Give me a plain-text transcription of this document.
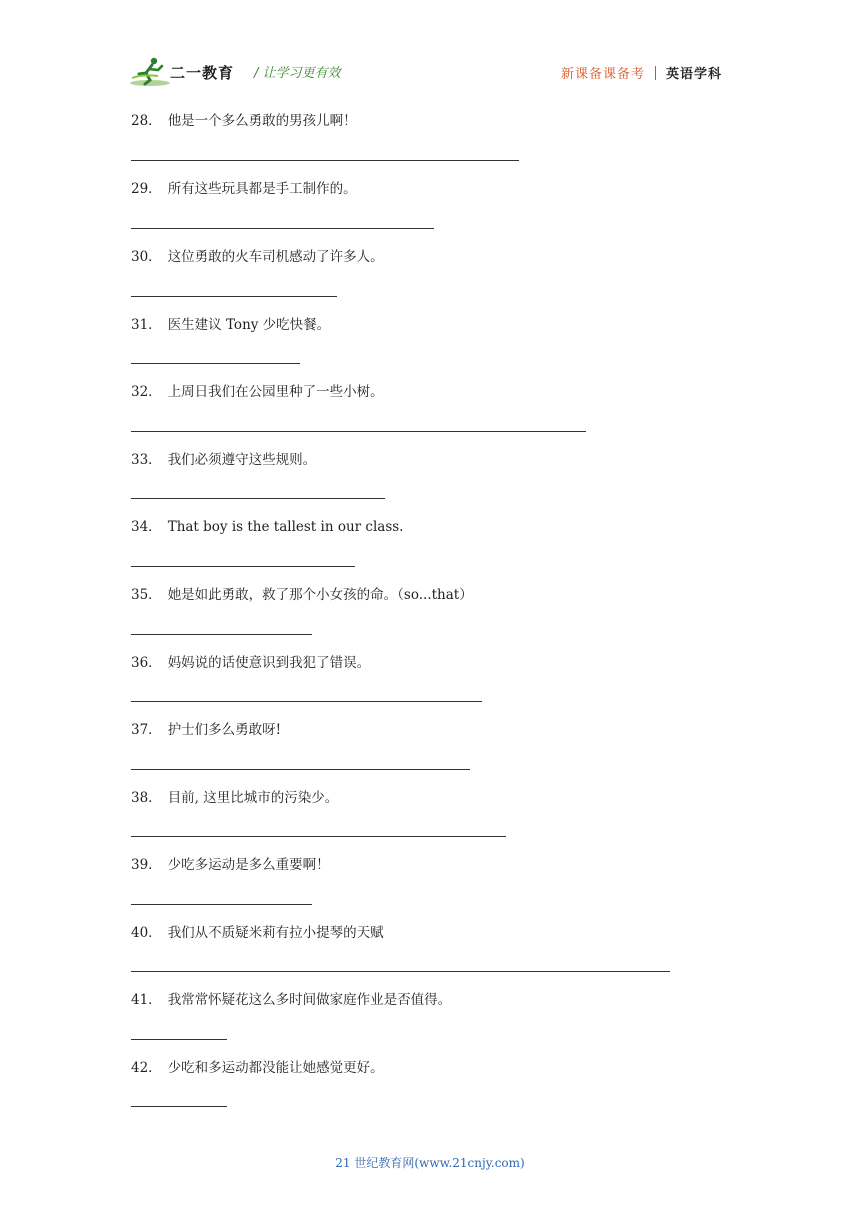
二一教育 / 让学习更有效	新课备课备考 英语学科
28． 他是一个多么勇敢的男孩儿啊！
29． 所有这些玩具都是手工制作的。
30． 这位勇敢的火车司机感动了许多人。
31． 医生建议 Tony 少吃快餐。
32． 上周日我们在公园里种了一些小树。
33． 我们必须遵守这些规则。
34． That boy is the tallest in our class.
35． 她是如此勇敢，救了那个小女孩的命。（so...that）
36． 妈妈说的话使意识到我犯了错误。
37． 护士们多么勇敢呀!
38． 目前, 这里比城市的污染少。
39． 少吃多运动是多么重要啊！
40． 我们从不质疑米莉有拉小提琴的天赋
41． 我常常怀疑花这么多时间做家庭作业是否值得。
42． 少吃和多运动都没能让她感觉更好。
21 世纪教育网(www.21cnjy.com)
